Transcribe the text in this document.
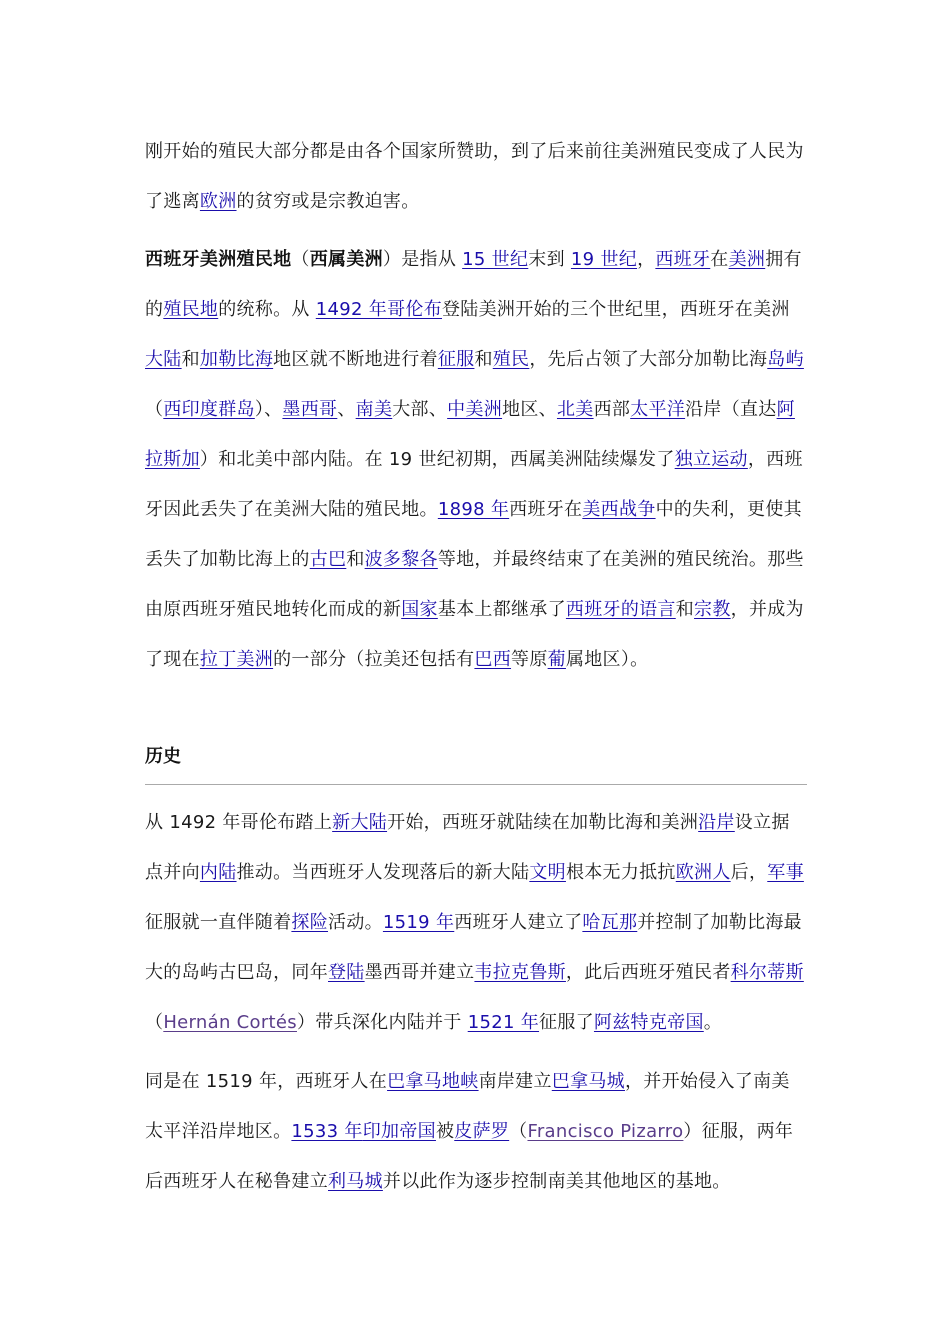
刚开始的殖民大部分都是由各个国家所赞助，到了后来前往美洲殖民变成了人民为了逃离欧洲的贫穷或是宗教迫害。

西班牙美洲殖民地（西属美洲）是指从 15 世纪末到 19 世纪，西班牙在美洲拥有的殖民地的统称。从 1492 年哥伦布登陆美洲开始的三个世纪里，西班牙在美洲大陆和加勒比海地区就不断地进行着征服和殖民，先后占领了大部分加勒比海岛屿（西印度群岛）、墨西哥、南美大部、中美洲地区、北美西部太平洋沿岸（直达阿拉斯加）和北美中部内陆。在 19 世纪初期，西属美洲陆续爆发了独立运动，西班牙因此丢失了在美洲大陆的殖民地。1898 年西班牙在美西战争中的失利，更使其丢失了加勒比海上的古巴和波多黎各等地，并最终结束了在美洲的殖民统治。那些由原西班牙殖民地转化而成的新国家基本上都继承了西班牙的语言和宗教，并成为了现在拉丁美洲的一部分（拉美还包括有巴西等原葡属地区）。

历史

从 1492 年哥伦布踏上新大陆开始，西班牙就陆续在加勒比海和美洲沿岸设立据点并向内陆推动。当西班牙人发现落后的新大陆文明根本无力抵抗欧洲人后，军事征服就一直伴随着探险活动。1519 年西班牙人建立了哈瓦那并控制了加勒比海最大的岛屿古巴岛，同年登陆墨西哥并建立韦拉克鲁斯，此后西班牙殖民者科尔蒂斯（Hernán Cortés）带兵深化内陆并于 1521 年征服了阿兹特克帝国。

同是在 1519 年，西班牙人在巴拿马地峡南岸建立巴拿马城，并开始侵入了南美太平洋沿岸地区。1533 年印加帝国被皮萨罗（Francisco Pizarro）征服，两年后西班牙人在秘鲁建立利马城并以此作为逐步控制南美其他地区的基地。
